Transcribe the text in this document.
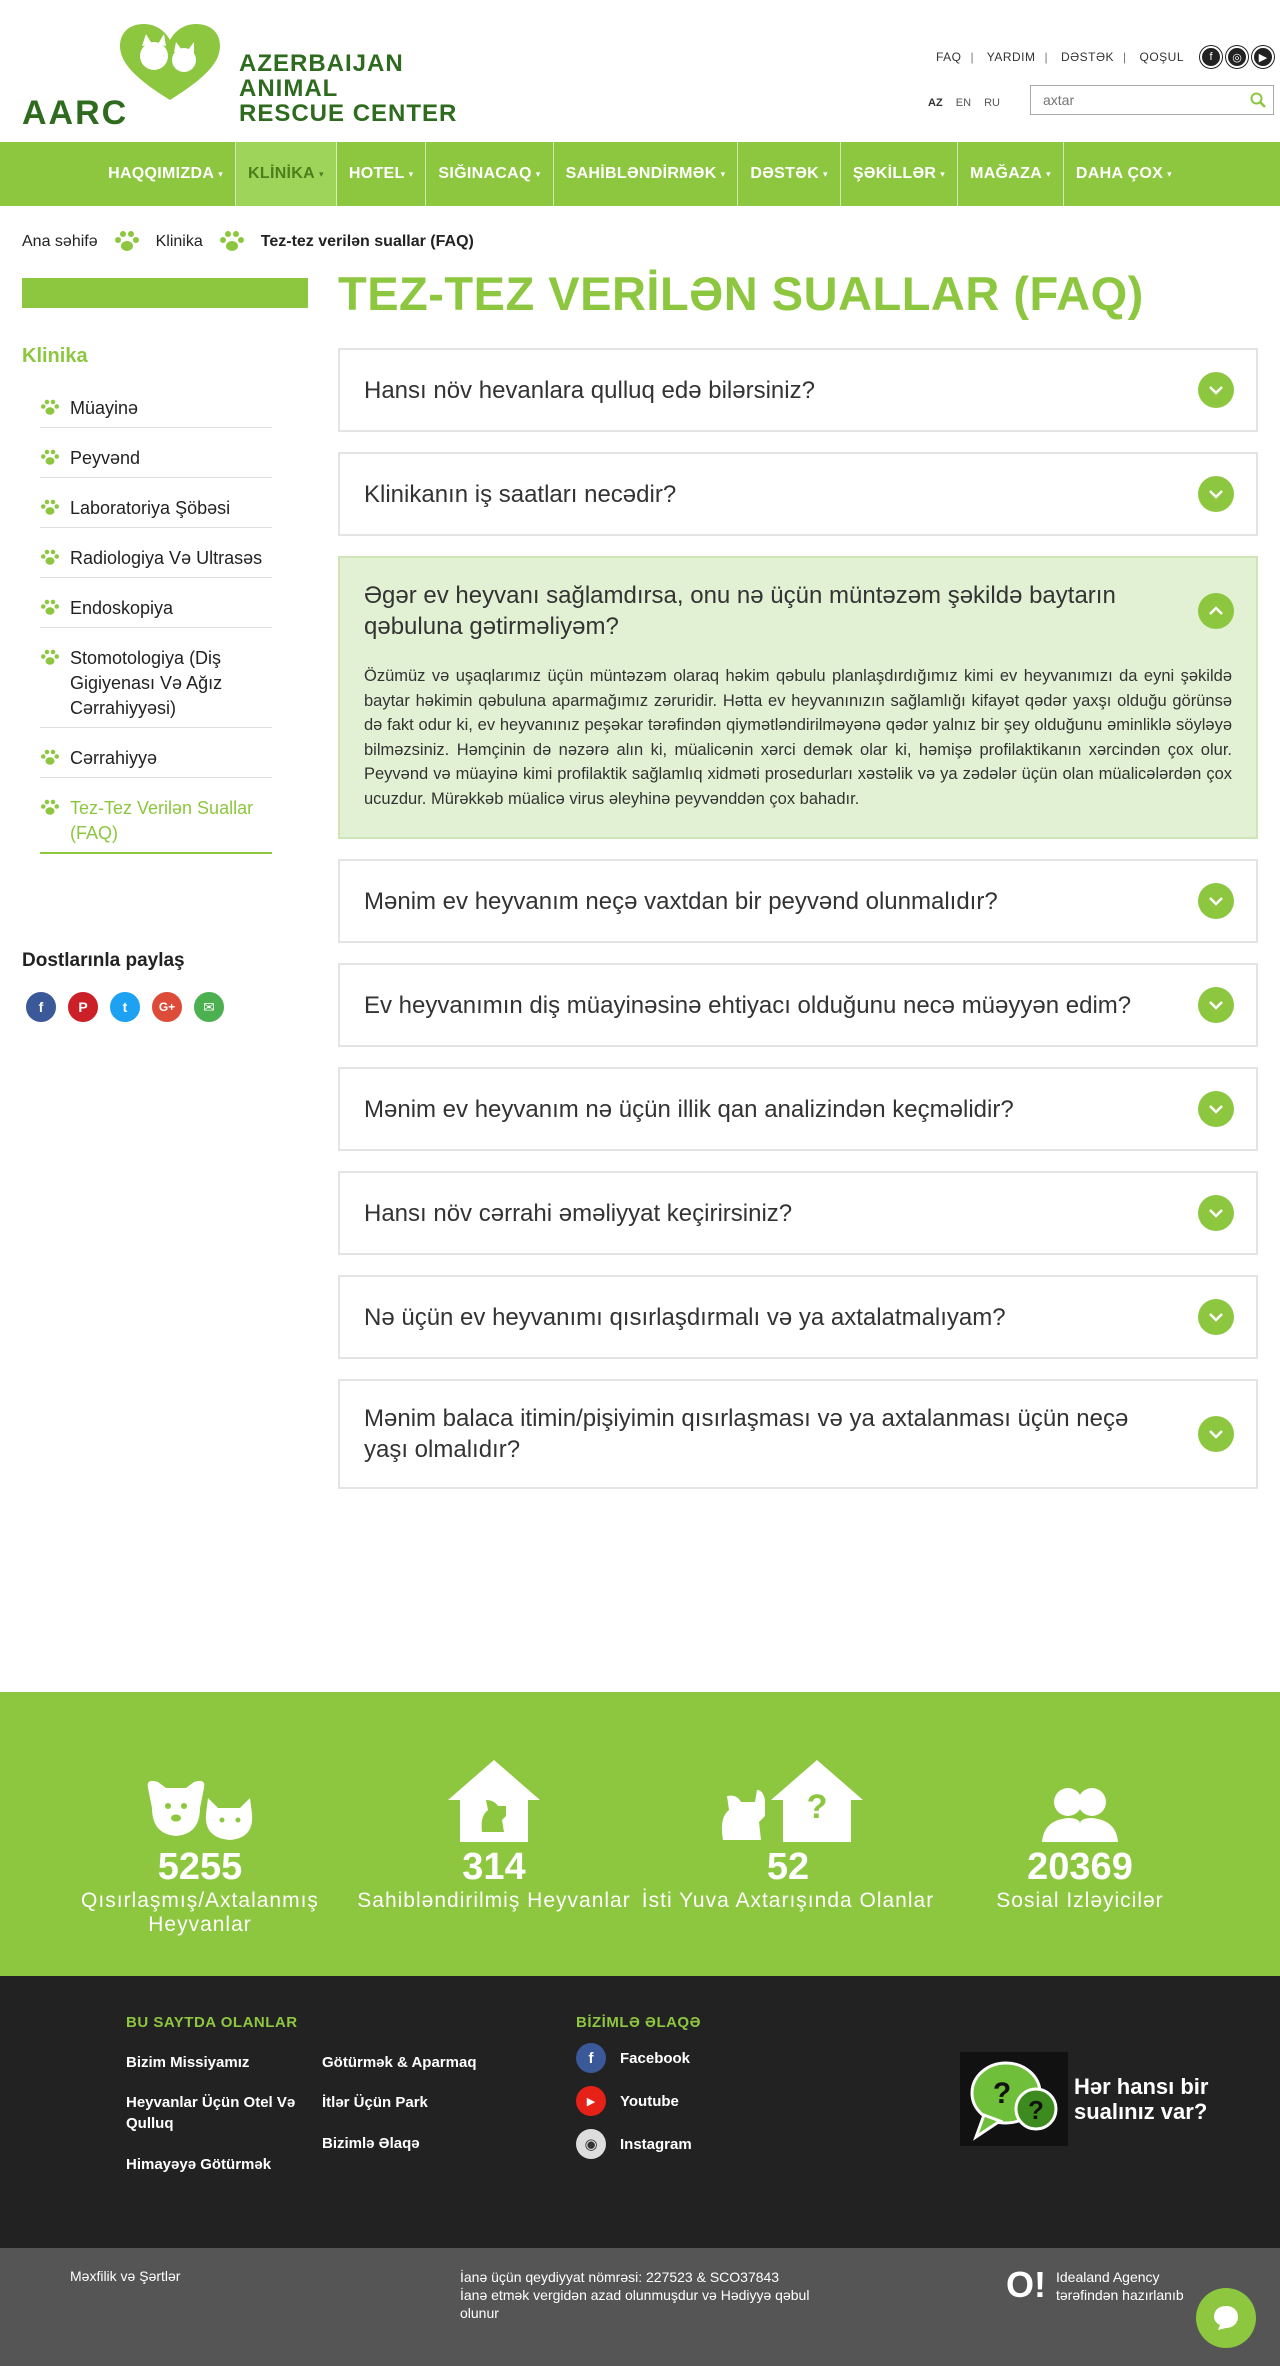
AARC
AZERBAIJAN ANIMAL
RESCUE CENTER
FAQ | YARDIM | DƏSTƏK | QOŞUL	f	◎	▶
AZ EN RU
axtar
HAQQIMIZDA ▾ KLİNİKA ▾ HOTEL ▾ SIĞINACAQ ▾ SAHİBLƏNDİRMƏK ▾ DƏSTƏK ▾ ŞƏKİLLƏR ▾ MAĞAZA ▾ DAHA ÇOX ▾
Ana səhifə	Klinika	Tez-tez verilən suallar (FAQ)
Klinika
Müayinə
Peyvənd
Laboratoriya Şöbəsi
Radiologiya Və Ultrasəs
Endoskopiya
Stomotologiya (Diş Gigiyenası Və Ağız Cərrahiyyəsi)
Cərrahiyyə
Tez-Tez Verilən Suallar (FAQ)
Dostlarınla paylaş
f	P	t	G+	✉
TEZ-TEZ VERİLƏN SUALLAR (FAQ)
Hansı növ hevanlara qulluq edə bilərsiniz?
Klinikanın iş saatları necədir?
Əgər ev heyvanı sağlamdırsa, onu nə üçün müntəzəm şəkildə baytarın qəbuluna gətirməliyəm?
Özümüz və uşaqlarımız üçün müntəzəm olaraq həkim qəbulu planlaşdırdığımız kimi ev heyvanımızı da eyni şəkildə baytar həkimin qəbuluna aparmağımız zəruridir. Hətta ev heyvanınızın sağlamlığı kifayət qədər yaxşı olduğu görünsə də fakt odur ki, ev heyvanınız peşəkar tərəfindən qiymətləndirilməyənə qədər yalnız bir şey olduğunu əminliklə söyləyə bilməzsiniz. Həmçinin də nəzərə alın ki, müalicənin xərci demək olar ki, həmişə profilaktikanın xərcindən çox olur. Peyvənd və müayinə kimi profilaktik sağlamlıq xidməti prosedurları xəstəlik və ya zədələr üçün olan müalicələrdən çox ucuzdur. Mürəkkəb müalicə virus əleyhinə peyvənddən çox bahadır.
Mənim ev heyvanım neçə vaxtdan bir peyvənd olunmalıdır?
Ev heyvanımın diş müayinəsinə ehtiyacı olduğunu necə müəyyən edim?
Mənim ev heyvanım nə üçün illik qan analizindən keçməlidir?
Hansı növ cərrahi əməliyyat keçirirsiniz?
Nə üçün ev heyvanımı qısırlaşdırmalı və ya axtalatmalıyam?
Mənim balaca itimin/pişiyimin qısırlaşması və ya axtalanması üçün neçə yaşı olmalıdır?
5255
Qısırlaşmış/Axtalanmış Heyvanlar
314
Sahibləndirilmiş Heyvanlar
?
52
İsti Yuva Axtarışında Olanlar
20369
Sosial Izləyicilər
BU SAYTDA OLANLAR
Bizim Missiyamız
Heyvanlar Üçün Otel Və Qulluq
Himayəyə Götürmək
Götürmək & Aparmaq
İtlər Üçün Park
Bizimlə Əlaqə
BİZİMLƏ ƏLAQƏ
f	Facebook
▶	Youtube
◉	Instagram
? ?
Hər hansı bir
sualınız var?
Məxfilik və Şərtlər	İanə üçün qeydiyyat nömrəsi: 227523 & SCO37843
İanə etmək vergidən azad olunmuşdur və Hədiyyə qəbul olunur
O! Idealand Agency
tərəfindən hazırlanıb
